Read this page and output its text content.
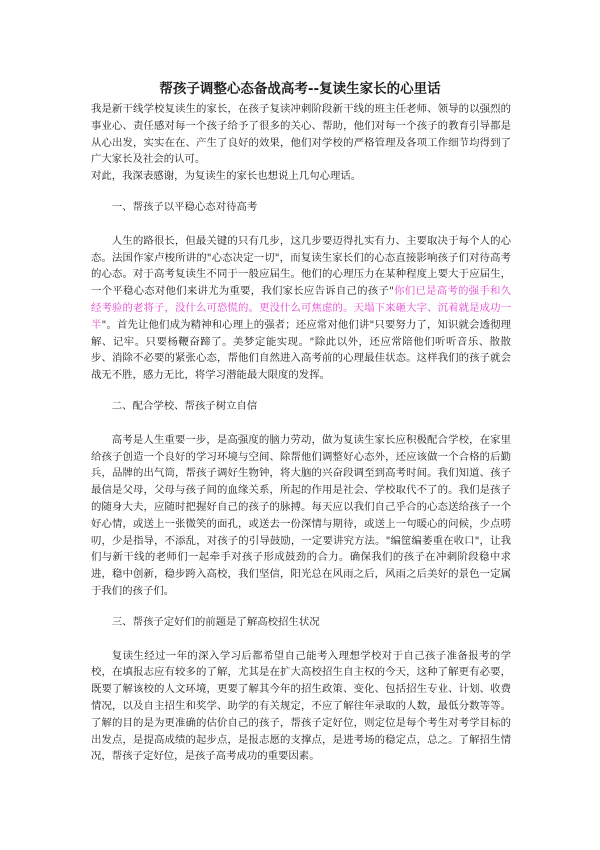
帮孩子调整心态备战高考--复读生家长的心里话

我是新干线学校复读生的家长，在孩子复读冲刺阶段新干线的班主任老师、领导的以强烈的事业心、责任感对每一个孩子给予了很多的关心、帮助，他们对每一个孩子的教育引导都是从心出发，实实在在、产生了良好的效果，他们对学校的严格管理及各项工作细节均得到了广大家长及社会的认可。

对此，我深表感谢，为复读生的家长也想说上几句心理话。

一、帮孩子以平稳心态对待高考

人生的路很长，但最关键的只有几步，这几步要迈得扎实有力、主要取决于每个人的心态。法国作家卢梭所讲的"心态决定一切"，而复读生家长们的心态直接影响孩子们对待高考的心态。对于高考复读生不同于一般应届生。他们的心理压力在某种程度上要大于应届生，一个平稳心态对他们来讲尤为重要，我们家长应告诉自己的孩子"你们已是高考的强手和久经考验的老将子，没什么可恐慌的。更没什么可焦虑的。天塌下来砸大字、沉着就是成功一半"。首先让他们成为精神和心理上的强者；还应常对他们讲"只要努力了，知识就会透彻理解、记牢。只要杨鞭奋蹄了。美梦定能实现。"除此以外，还应常陪他们听听音乐、散散步、消除不必要的紧张心态，帮他们自然进入高考前的心理最佳状态。这样我们的孩子就会战无不胜，感力无比，将学习潜能最大限度的发挥。

二、配合学校、帮孩子树立自信

高考是人生重要一步，是高强度的脑力劳动，做为复读生家长应积极配合学校，在家里给孩子创造一个良好的学习环境与空间、除帮他们调整好心态外，还应该做一个合格的后勤兵，品牌的出气筒，帮孩子调好生物钟，将大脑的兴奋段调至到高考时间。我们知道、孩子最信是父母，父母与孩子间的血缘关系，所起的作用是社会、学校取代不了的。我们是孩子的随身大夫，应随时把握好自己的孩子的脉搏。每天应以我们自己乎合的心态送给孩子一个好心情，或送上一张微笑的面孔，或送去一份深情与期待，或送上一句暖心的问候，少点唠叨，少是指导，不添乱，对孩子的引导鼓励，一定要讲究方法。"编筐编萎重在收口"，让我们与新干线的老师们一起牵手对孩子形成鼓劲的合力。确保我们的孩子在冲刺阶段稳中求进，稳中创新，稳步跨入高校，我们坚信，阳光总在风雨之后，风雨之后美好的景色一定属于我们的孩子们。

三、帮孩子定好们的前题是了解高校招生状况

复读生经过一年的深入学习后都希望自己能考入理想学校对于自己孩子准备报考的学校，在填报志应有较多的了解，尤其是在扩大高校招生自主权的今天，这种了解更有必要，既要了解该校的人文环境，更要了解其今年的招生政策、变化、包括招生专业、计划、收费情况，以及自主招生和奖学、助学的有关规定，不应了解往年录取的人数，最低分数等等。了解的目的是为更准确的估价自己的孩子，帮孩子定好位，则定位是每个考生对考学目标的出发点，是提高成绩的起步点，是报志愿的支撑点，是进考场的稳定点，总之。了解招生情况，帮孩子定好位，是孩子高考成功的重要因素。
